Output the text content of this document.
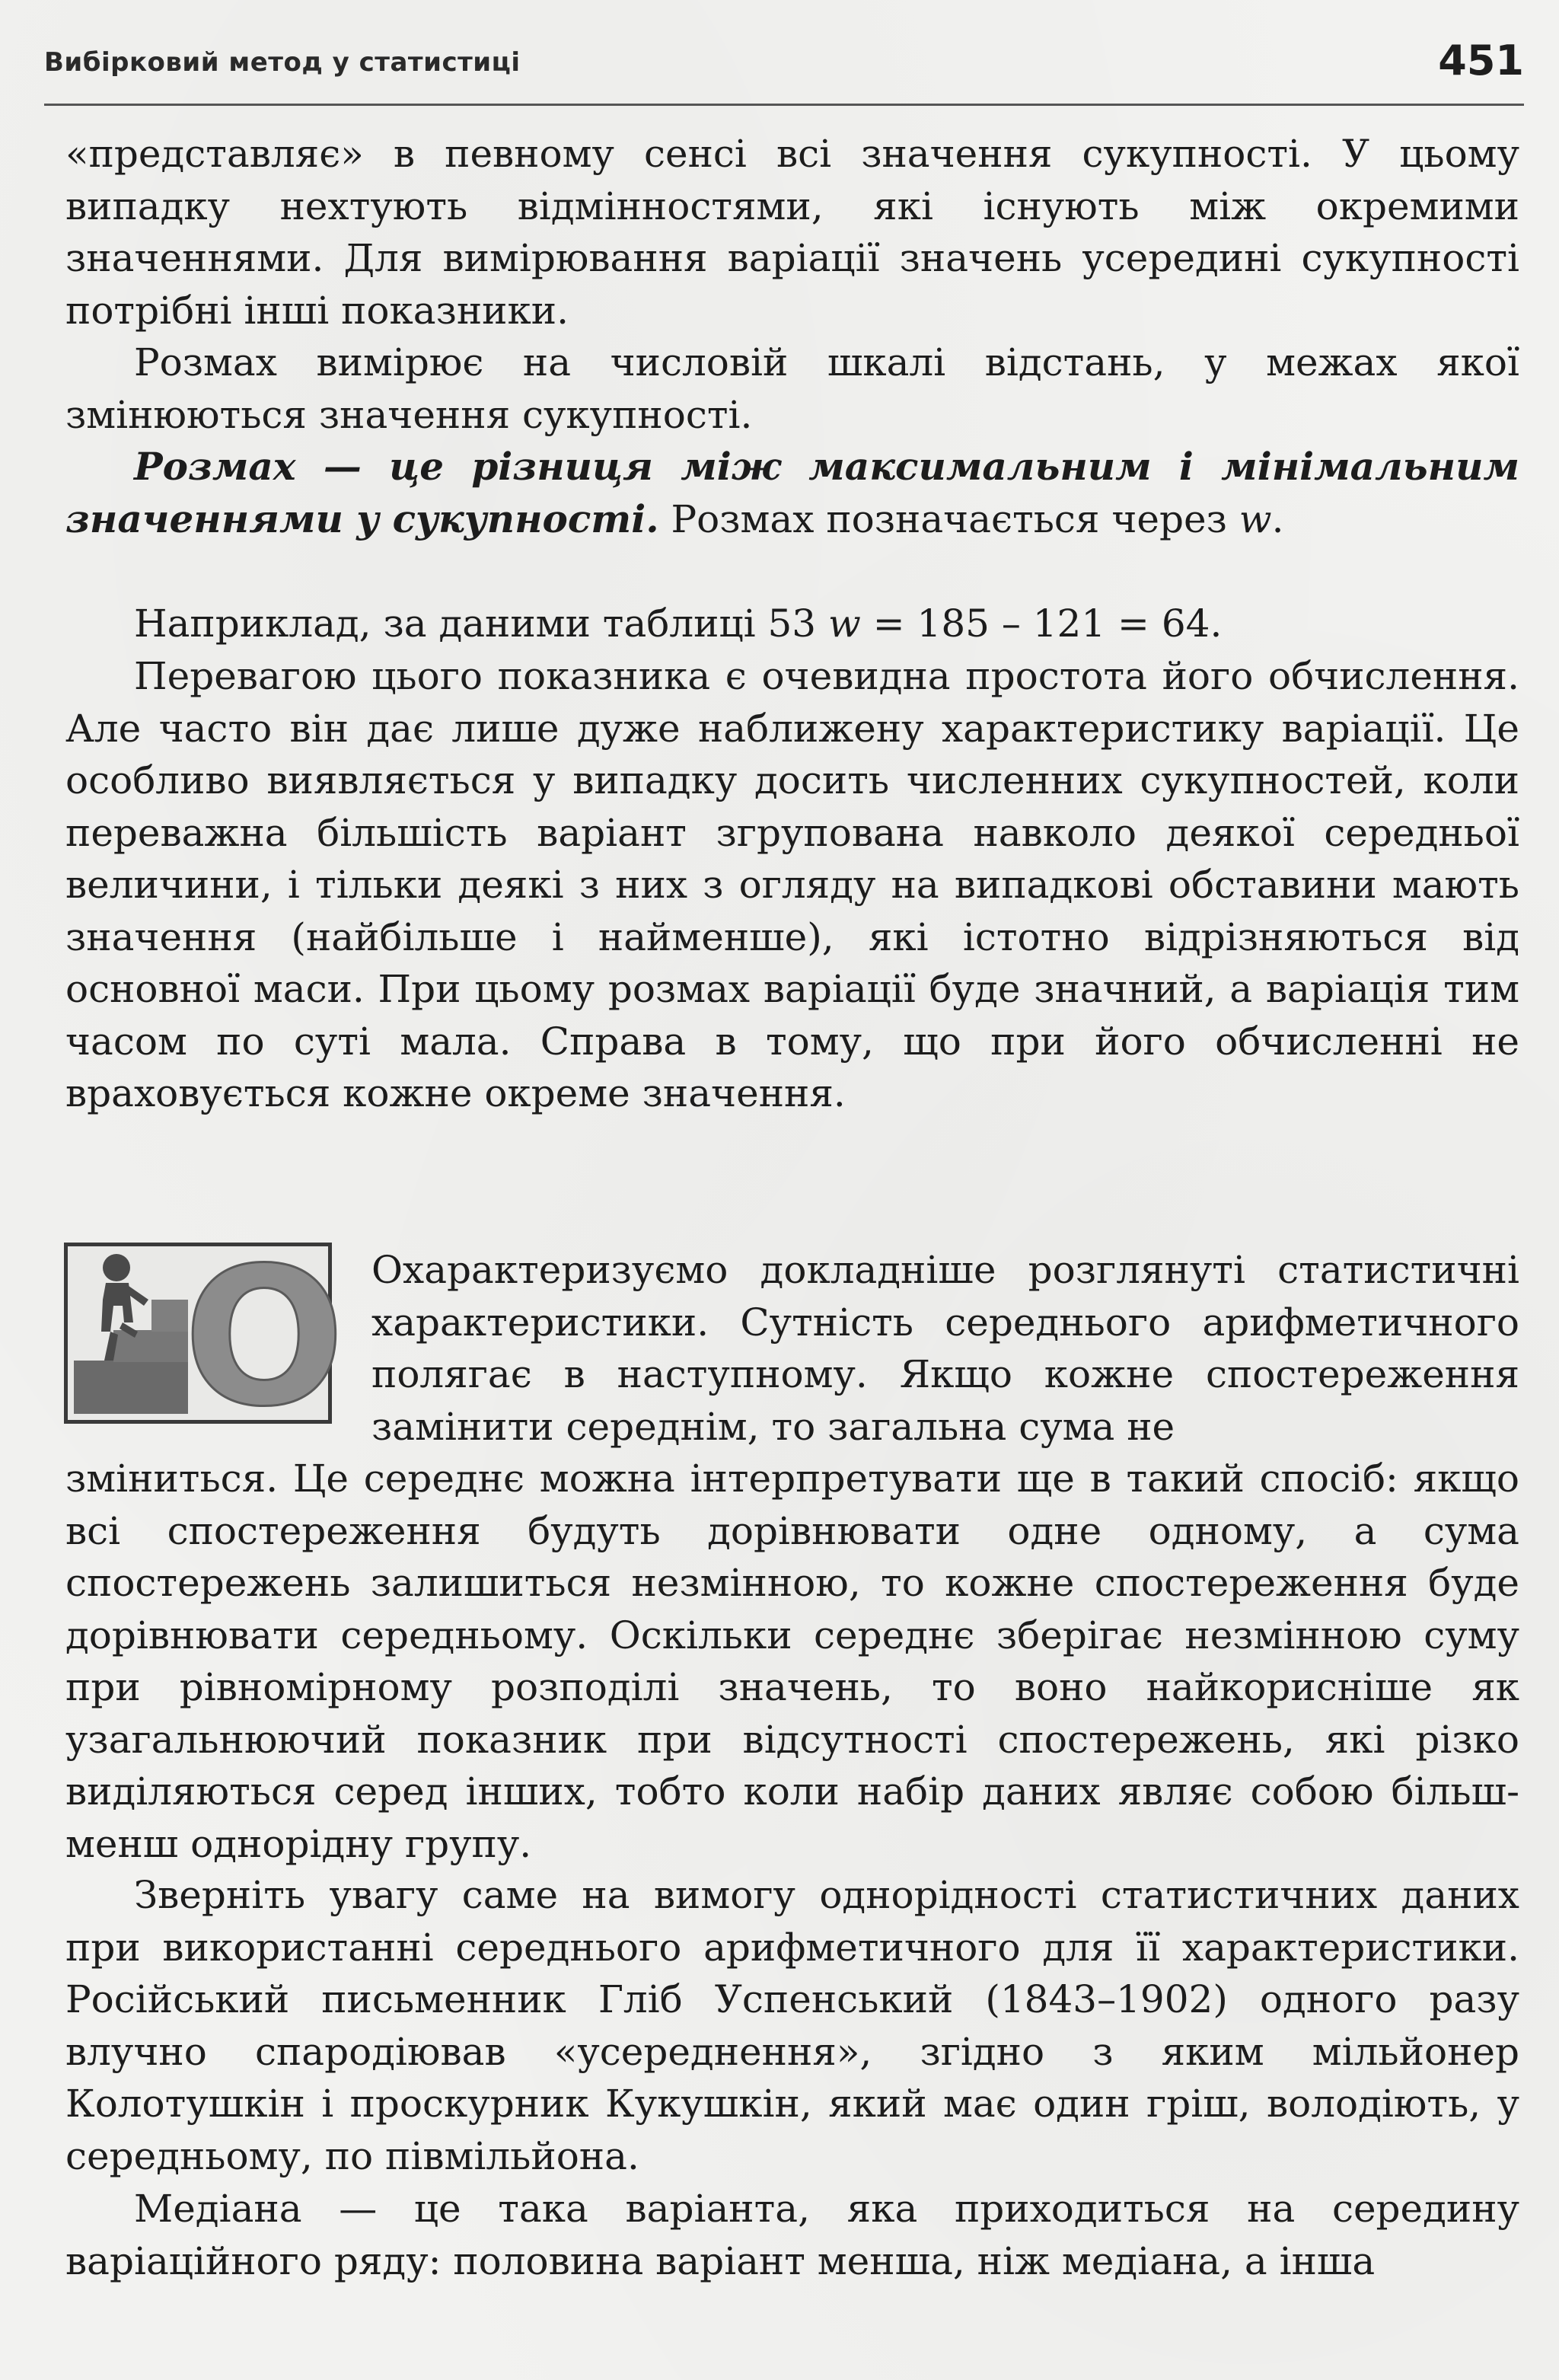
Вибірковий метод у статистиці	451

«представляє» в певному сенсі всі значення сукупності. У цьому випадку нехтують відмінностями, які існують між окремими значеннями. Для вимірювання варіації значень усередині сукупності потрібні інші показники.

Розмах вимірює на числовій шкалі відстань, у межах якої змінюються значення сукупності.

Розмах — це різниця між максимальним і мінімальним значеннями у сукупності. Розмах позначається через w.

Наприклад, за даними таблиці 53 w = 185 – 121 = 64.

Перевагою цього показника є очевидна простота його обчислення. Але часто він дає лише дуже наближену характеристику варіації. Це особливо виявляється у випадку досить численних сукупностей, коли переважна більшість варіант згрупована навколо деякої середньої величини, і тільки деякі з них з огляду на випадкові обставини мають значення (найбільше і найменше), які істотно відрізняються від основної маси. При цьому розмах варіації буде значний, а варіація тим часом по суті мала. Справа в тому, що при його обчисленні не враховується кожне окреме значення.

O Охарактеризуємо докладніше розглянуті статистичні характеристики. Сутність середнього арифметичного полягає в наступному. Якщо кожне спостереження замінити середнім, то загальна сума не

зміниться. Це середнє можна інтерпретувати ще в такий спосіб: якщо всі спостереження будуть дорівнювати одне одному, а сума спостережень залишиться незмінною, то кожне спостереження буде дорівнювати середньому. Оскільки середнє зберігає незмінною суму при рівномірному розподілі значень, то воно найкорисніше як узагальнюючий показник при відсутності спостережень, які різко виділяються серед інших, тобто коли набір даних являє собою більш-менш однорідну групу.

Зверніть увагу саме на вимогу однорідності статистичних даних при використанні середнього арифметичного для її характеристики. Російський письменник Гліб Успенський (1843–1902) одного разу влучно спародіював «усереднення», згідно з яким мільйонер Колотушкін і проскурник Кукушкін, який має один гріш, володіють, у середньому, по півмільйона.

Медіана — це така варіанта, яка приходиться на середину варіаційного ряду: половина варіант менша, ніж медіана, а інша
